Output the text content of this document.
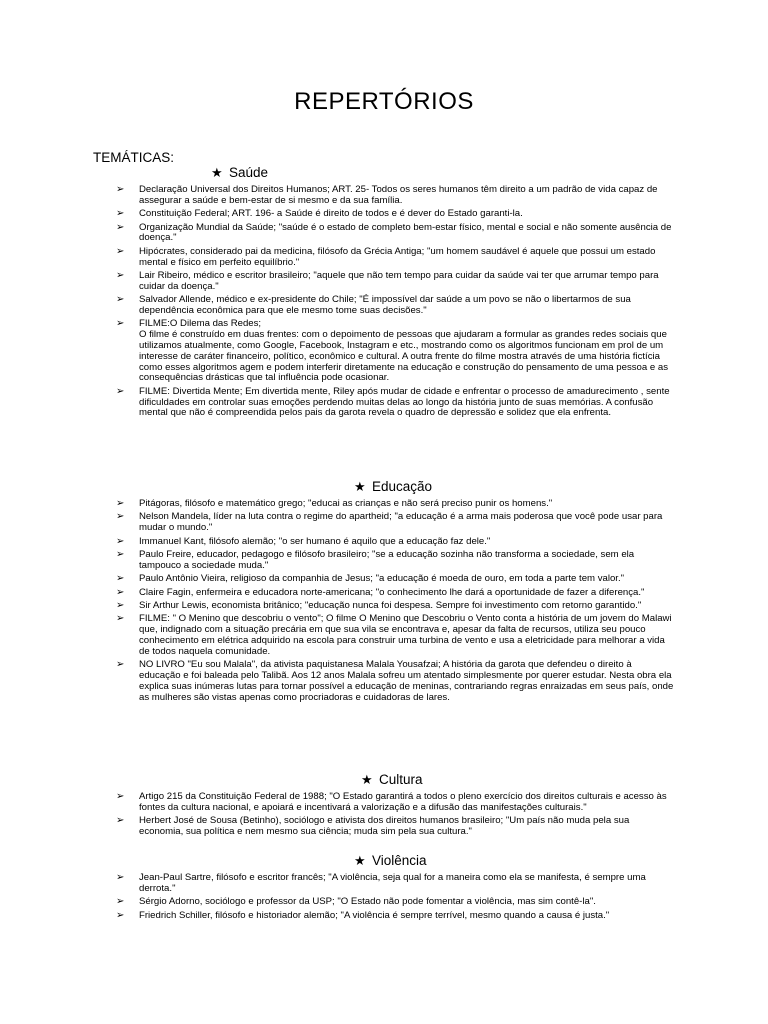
REPERTÓRIOS
TEMÁTICAS:
★ Saúde
➢ Declaração Universal dos Direitos Humanos; ART. 25- Todos os seres humanos têm direito a um padrão de vida capaz de assegurar a saúde e bem-estar de si mesmo e da sua família.
➢ Constituição Federal; ART. 196- a Saúde é direito de todos e é dever do Estado garanti-la.
➢ Organização Mundial da Saúde; "saúde é o estado de completo bem-estar físico, mental e social e não somente ausência de doença."
➢ Hipócrates, considerado pai da medicina, filósofo da Grécia Antiga; "um homem saudável é aquele que possui um estado mental e físico em perfeito equilíbrio."
➢ Lair Ribeiro, médico e escritor brasileiro; "aquele que não tem tempo para cuidar da saúde vai ter que arrumar tempo para cuidar da doença."
➢ Salvador Allende, médico e ex-presidente do Chile; "É impossível dar saúde a um povo se não o libertarmos de sua dependência econômica para que ele mesmo tome suas decisões."
➢ FILME:O Dilema das Redes;
O filme é construído em duas frentes: com o depoimento de pessoas que ajudaram a formular as grandes redes sociais que utilizamos atualmente, como Google, Facebook, Instagram e etc., mostrando como os algoritmos funcionam em prol de um interesse de caráter financeiro, político, econômico e cultural. A outra frente do filme mostra através de uma história fictícia como esses algoritmos agem e podem interferir diretamente na educação e construção do pensamento de uma pessoa e as consequências drásticas que tal influência pode ocasionar.
➢ FILME: Divertida Mente; Em divertida mente, Riley após mudar de cidade e enfrentar o processo de amadurecimento , sente dificuldades em controlar suas emoções perdendo muitas delas ao longo da história junto de suas memórias. A confusão mental que não é compreendida pelos pais da garota revela o quadro de depressão e solidez que ela enfrenta.
★ Educação
➢ Pitágoras, filósofo e matemático grego; "educai as crianças e não será preciso punir os homens."
➢ Nelson Mandela, líder na luta contra o regime do apartheid; "a educação é a arma mais poderosa que você pode usar para mudar o mundo."
➢ Immanuel Kant, filósofo alemão; "o ser humano é aquilo que a educação faz dele."
➢ Paulo Freire, educador, pedagogo e filósofo brasileiro; "se a educação sozinha não transforma a sociedade, sem ela tampouco a sociedade muda."
➢ Paulo Antônio Vieira, religioso da companhia de Jesus; "a educação é moeda de ouro, em toda a parte tem valor."
➢ Claire Fagin, enfermeira e educadora norte-americana; "o conhecimento lhe dará a oportunidade de fazer a diferença."
➢ Sir Arthur Lewis, economista britânico; "educação nunca foi despesa. Sempre foi investimento com retorno garantido."
➢ FILME: " O Menino que descobriu o vento"; O filme O Menino que Descobriu o Vento conta a história de um jovem do Malawi que, indignado com a situação precária em que sua vila se encontrava e, apesar da falta de recursos, utiliza seu pouco conhecimento em elétrica adquirido na escola para construir uma turbina de vento e usa a eletricidade para melhorar a vida de todos naquela comunidade.
➢ NO LIVRO "Eu sou Malala", da ativista paquistanesa Malala Yousafzai; A história da garota que defendeu o direito à educação e foi baleada pelo Talibã. Aos 12 anos Malala sofreu um atentado simplesmente por querer estudar. Nesta obra ela explica suas inúmeras lutas para tornar possível a educação de meninas, contrariando regras enraizadas em seus país, onde as mulheres são vistas apenas como procriadoras e cuidadoras de lares.
★ Cultura
➢ Artigo 215 da Constituição Federal de 1988; "O Estado garantirá a todos o pleno exercício dos direitos culturais e acesso às fontes da cultura nacional, e apoiará e incentivará a valorização e a difusão das manifestações culturais."
➢ Herbert José de Sousa (Betinho), sociólogo e ativista dos direitos humanos brasileiro; "Um país não muda pela sua economia, sua política e nem mesmo sua ciência; muda sim pela sua cultura."
★ Violência
➢ Jean-Paul Sartre, filósofo e escritor francês; "A violência, seja qual for a maneira como ela se manifesta, é sempre uma derrota."
➢ Sérgio Adorno, sociólogo e professor da USP; "O Estado não pode fomentar a violência, mas sim contê-la".
➢ Friedrich Schiller, filósofo e historiador alemão; "A violência é sempre terrível, mesmo quando a causa é justa."
